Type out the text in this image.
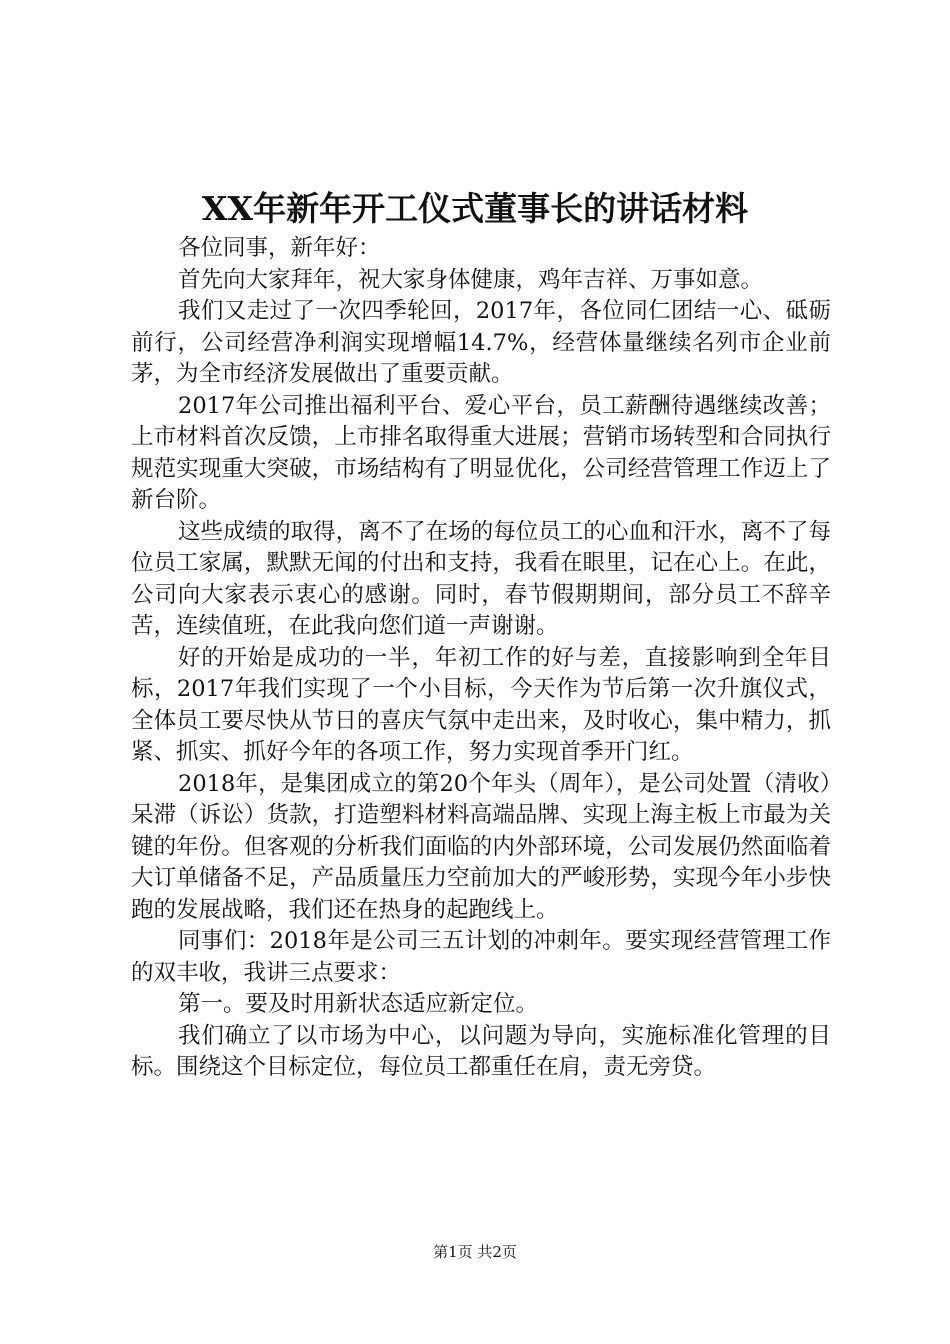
XX年新年开工仪式董事长的讲话材料

各位同事，新年好：

首先向大家拜年，祝大家身体健康，鸡年吉祥、万事如意。

我们又走过了一次四季轮回，2017年，各位同仁团结一心、砥砺前行，公司经营净利润实现增幅14.7%，经营体量继续名列市企业前茅，为全市经济发展做出了重要贡献。

2017年公司推出福利平台、爱心平台，员工薪酬待遇继续改善；上市材料首次反馈，上市排名取得重大进展；营销市场转型和合同执行规范实现重大突破，市场结构有了明显优化，公司经营管理工作迈上了新台阶。

这些成绩的取得，离不了在场的每位员工的心血和汗水，离不了每位员工家属，默默无闻的付出和支持，我看在眼里，记在心上。在此，公司向大家表示衷心的感谢。同时，春节假期期间，部分员工不辞辛苦，连续值班，在此我向您们道一声谢谢。

好的开始是成功的一半，年初工作的好与差，直接影响到全年目标，2017年我们实现了一个小目标，今天作为节后第一次升旗仪式，全体员工要尽快从节日的喜庆气氛中走出来，及时收心，集中精力，抓紧、抓实、抓好今年的各项工作，努力实现首季开门红。

2018年，是集团成立的第20个年头（周年），是公司处置（清收）呆滞（诉讼）货款，打造塑料材料高端品牌、实现上海主板上市最为关键的年份。但客观的分析我们面临的内外部环境，公司发展仍然面临着大订单储备不足，产品质量压力空前加大的严峻形势，实现今年小步快跑的发展战略，我们还在热身的起跑线上。

同事们：2018年是公司三五计划的冲刺年。要实现经营管理工作的双丰收，我讲三点要求：

第一。要及时用新状态适应新定位。

我们确立了以市场为中心，以问题为导向，实施标准化管理的目标。围绕这个目标定位，每位员工都重任在肩，责无旁贷。

第1页 共2页
